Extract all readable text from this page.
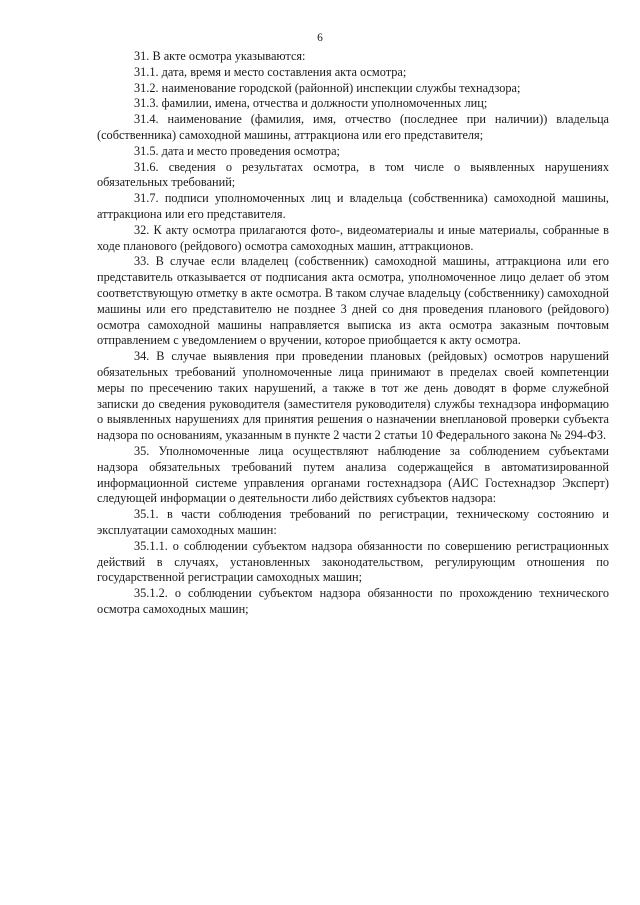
6

31. В акте осмотра указываются:

31.1. дата, время и место составления акта осмотра;

31.2. наименование городской (районной) инспекции службы технадзора;

31.3. фамилии, имена, отчества и должности уполномоченных лиц;

31.4. наименование (фамилия, имя, отчество (последнее при наличии)) владельца (собственника) самоходной машины, аттракциона или его представителя;

31.5. дата и место проведения осмотра;

31.6. сведения о результатах осмотра, в том числе о выявленных нарушениях обязательных требований;

31.7. подписи уполномоченных лиц и владельца (собственника) самоходной машины, аттракциона или его представителя.

32. К акту осмотра прилагаются фото-, видеоматериалы и иные материалы, собранные в ходе планового (рейдового) осмотра самоходных машин, аттракционов.

33. В случае если владелец (собственник) самоходной машины, аттракциона или его представитель отказывается от подписания акта осмотра, уполномоченное лицо делает об этом соответствующую отметку в акте осмотра. В таком случае владельцу (собственнику) самоходной машины или его представителю не позднее 3 дней со дня проведения планового (рейдового) осмотра самоходной машины направляется выписка из акта осмотра заказным почтовым отправлением с уведомлением о вручении, которое приобщается к акту осмотра.

34. В случае выявления при проведении плановых (рейдовых) осмотров нарушений обязательных требований уполномоченные лица принимают в пределах своей компетенции меры по пресечению таких нарушений, а также в тот же день доводят в форме служебной записки до сведения руководителя (заместителя руководителя) службы технадзора информацию о выявленных нарушениях для принятия решения о назначении внеплановой проверки субъекта надзора по основаниям, указанным в пункте 2 части 2 статьи 10 Федерального закона № 294-ФЗ.

35. Уполномоченные лица осуществляют наблюдение за соблюдением субъектами надзора обязательных требований путем анализа содержащейся в автоматизированной информационной системе управления органами гостехнадзора (АИС Гостехнадзор Эксперт) следующей информации о деятельности либо действиях субъектов надзора:

35.1. в части соблюдения требований по регистрации, техническому состоянию и эксплуатации самоходных машин:

35.1.1. о соблюдении субъектом надзора обязанности по совершению регистрационных действий в случаях, установленных законодательством, регулирующим отношения по государственной регистрации самоходных машин;

35.1.2. о соблюдении субъектом надзора обязанности по прохождению технического осмотра самоходных машин;
